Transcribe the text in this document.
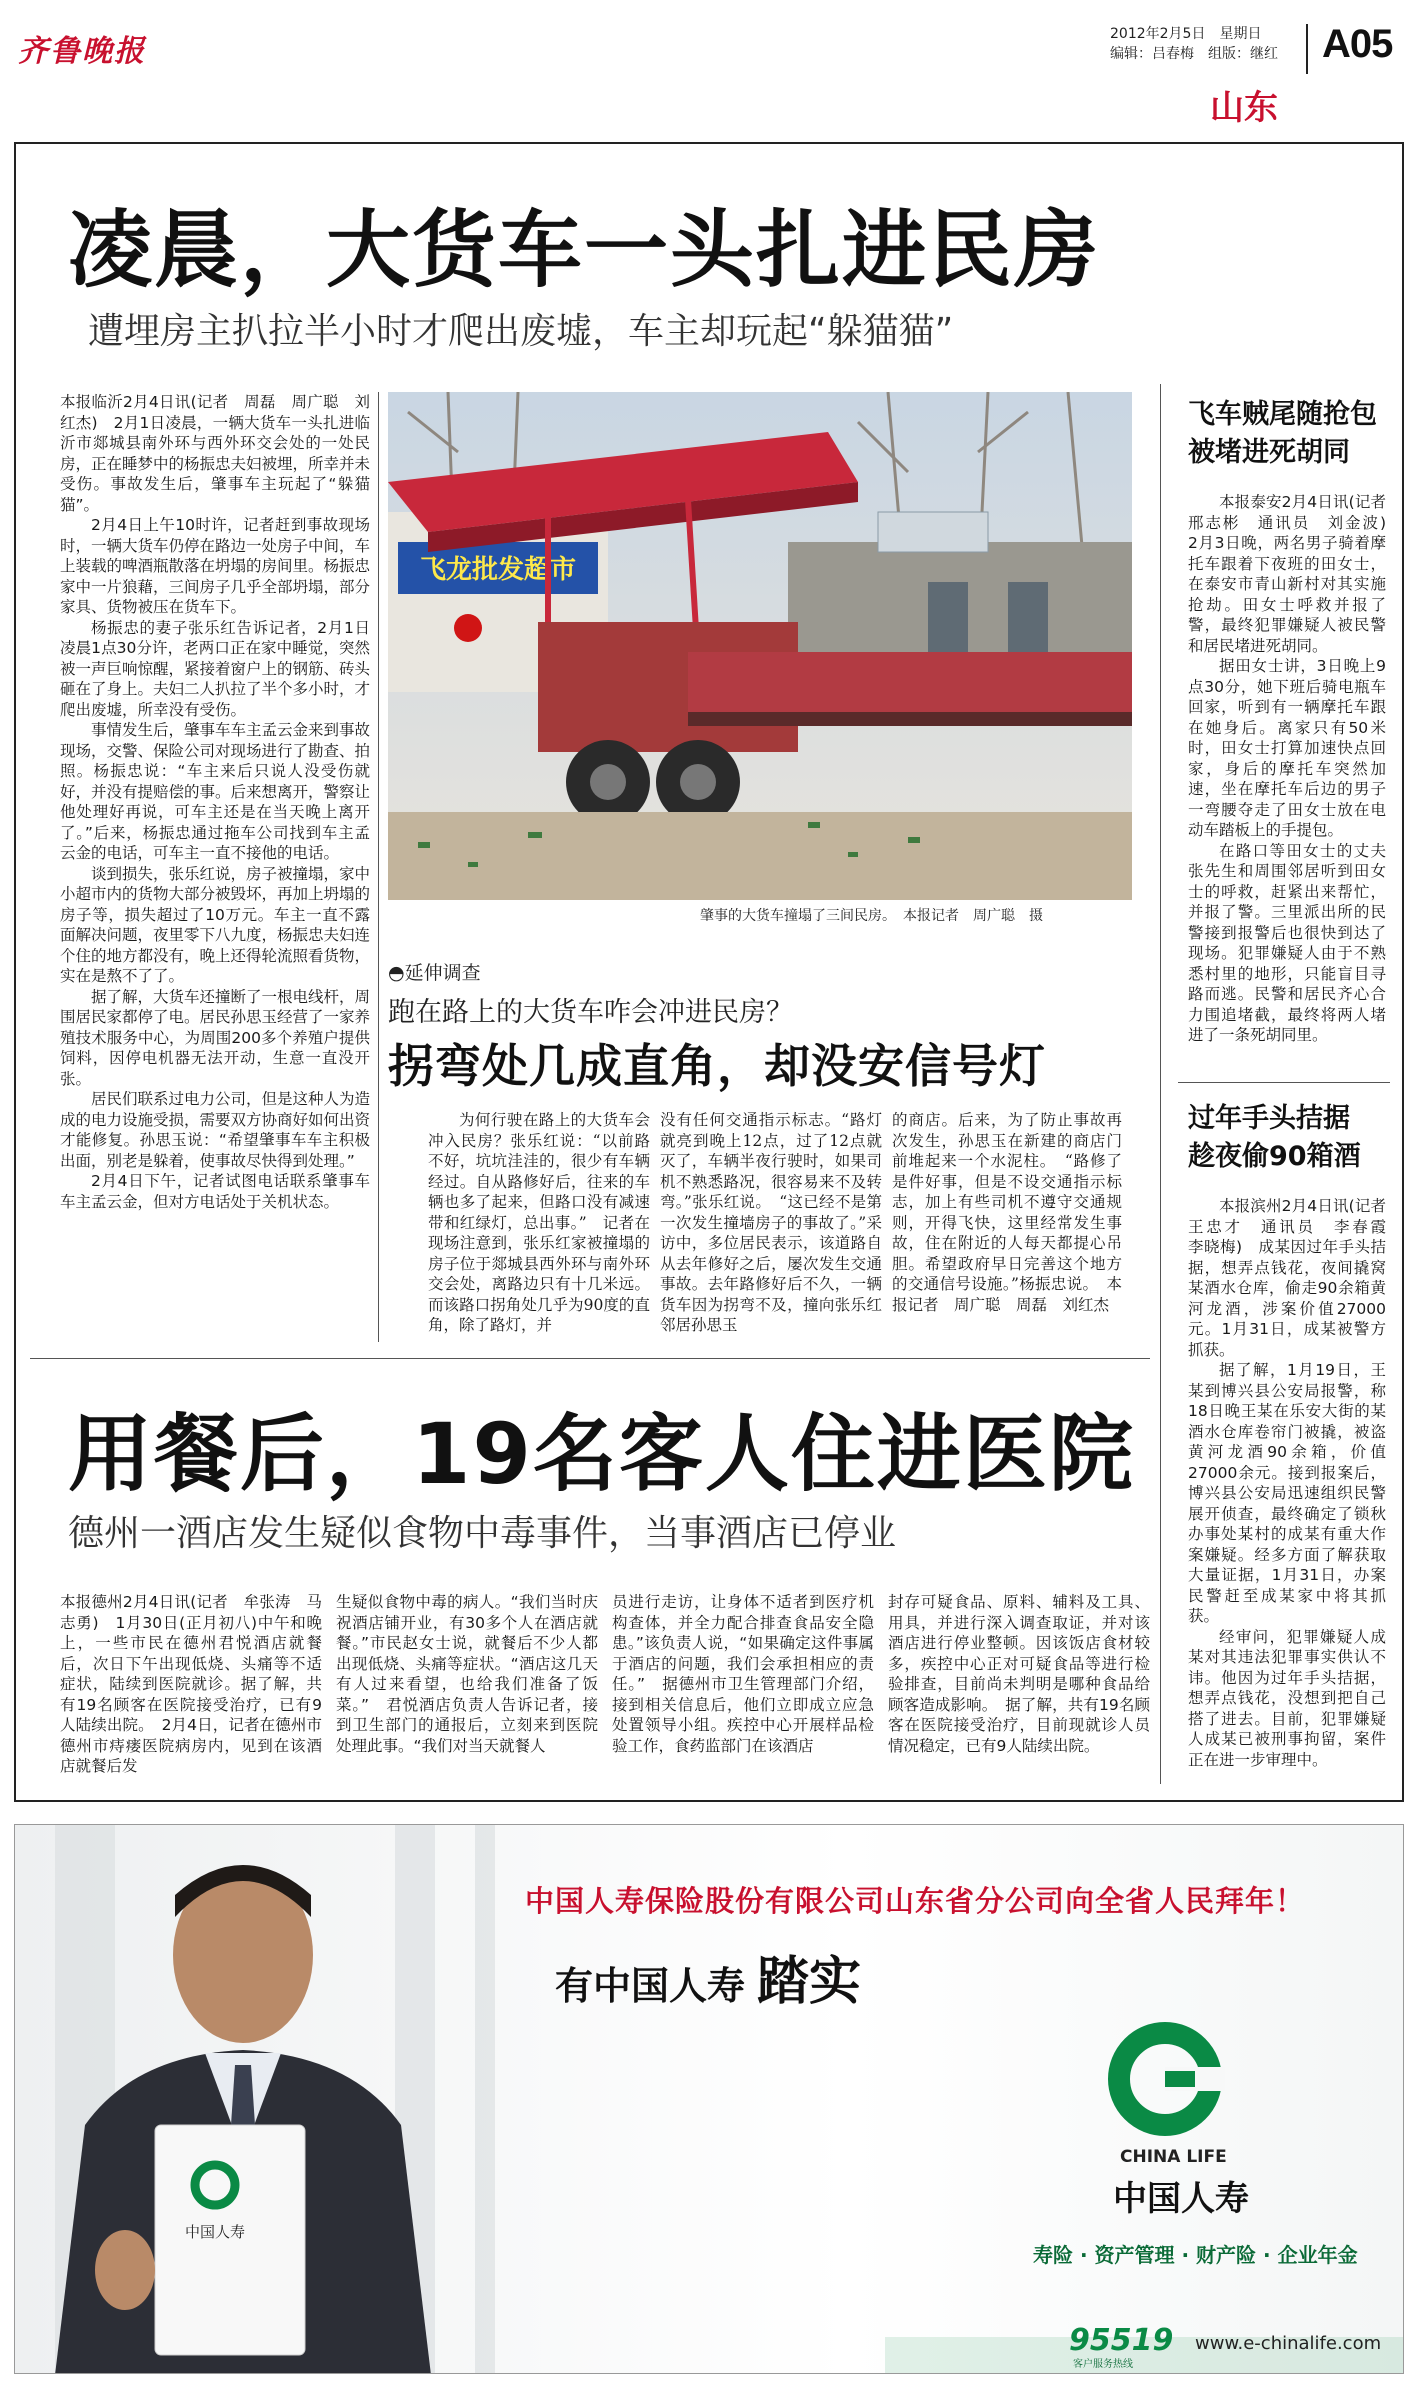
齐鲁晚报	2012年2月5日　星期日
编辑：吕春梅　组版：继红 A05
山东
凌晨，大货车一头扎进民房
遭埋房主扒拉半小时才爬出废墟，车主却玩起“躲猫猫”

本报临沂2月4日讯(记者　周磊　周广聪　刘红杰)　2月1日凌晨，一辆大货车一头扎进临沂市郯城县南外环与西外环交会处的一处民房，正在睡梦中的杨振忠夫妇被埋，所幸并未受伤。事故发生后，肇事车主玩起了“躲猫猫”。

2月4日上午10时许，记者赶到事故现场时，一辆大货车仍停在路边一处房子中间，车上装载的啤酒瓶散落在坍塌的房间里。杨振忠家中一片狼藉，三间房子几乎全部坍塌，部分家具、货物被压在货车下。

杨振忠的妻子张乐红告诉记者，2月1日凌晨1点30分许，老两口正在家中睡觉，突然被一声巨响惊醒，紧接着窗户上的钢筋、砖头砸在了身上。夫妇二人扒拉了半个多小时，才爬出废墟，所幸没有受伤。

事情发生后，肇事车车主孟云金来到事故现场，交警、保险公司对现场进行了勘查、拍照。杨振忠说：“车主来后只说人没受伤就好，并没有提赔偿的事。后来想离开，警察让他处理好再说，可车主还是在当天晚上离开了。”后来，杨振忠通过拖车公司找到车主孟云金的电话，可车主一直不接他的电话。

谈到损失，张乐红说，房子被撞塌，家中小超市内的货物大部分被毁坏，再加上坍塌的房子等，损失超过了10万元。车主一直不露面解决问题，夜里零下八九度，杨振忠夫妇连个住的地方都没有，晚上还得轮流照看货物，实在是熬不了了。

据了解，大货车还撞断了一根电线杆，周围居民家都停了电。居民孙思玉经营了一家养殖技术服务中心，为周围200多个养殖户提供饲料，因停电机器无法开动，生意一直没开张。

居民们联系过电力公司，但是这种人为造成的电力设施受损，需要双方协商好如何出资才能修复。孙思玉说：“希望肇事车车主积极出面，别老是躲着，使事故尽快得到处理。”

2月4日下午，记者试图电话联系肇事车车主孟云金，但对方电话处于关机状态。

飞龙批发超市
肇事的大货车撞塌了三间民房。　本报记者　周广聪　摄
◓延伸调查
跑在路上的大货车咋会冲进民房？
拐弯处几成直角，却没安信号灯

为何行驶在路上的大货车会冲入民房？张乐红说：“以前路不好，坑坑洼洼的，很少有车辆经过。自从路修好后，往来的车辆也多了起来，但路口没有减速带和红绿灯，总出事。”　记者在现场注意到，张乐红家被撞塌的房子位于郯城县西外环与南外环交会处，离路边只有十几米远。而该路口拐角处几乎为90度的直角，除了路灯，并

没有任何交通指示标志。“路灯就亮到晚上12点，过了12点就灭了，车辆半夜行驶时，如果司机不熟悉路况，很容易来不及转弯。”张乐红说。　“这已经不是第一次发生撞墙房子的事故了。”采访中，多位居民表示，该道路自从去年修好之后，屡次发生交通事故。去年路修好后不久，一辆货车因为拐弯不及，撞向张乐红邻居孙思玉

的商店。后来，为了防止事故再次发生，孙思玉在新建的商店门前堆起来一个水泥柱。　“路修了是件好事，但是不设交通指示标志，加上有些司机不遵守交通规则，开得飞快，这里经常发生事故，住在附近的人每天都提心吊胆。希望政府早日完善这个地方的交通信号设施。”杨振忠说。　本报记者　周广聪　周磊　刘红杰

飞车贼尾随抢包
被堵进死胡同

本报泰安2月4日讯(记者　邢志彬　通讯员　刘金波)　2月3日晚，两名男子骑着摩托车跟着下夜班的田女士，在泰安市青山新村对其实施抢劫。田女士呼救并报了警，最终犯罪嫌疑人被民警和居民堵进死胡同。

据田女士讲，3日晚上9点30分，她下班后骑电瓶车回家，听到有一辆摩托车跟在她身后。离家只有50米时，田女士打算加速快点回家，身后的摩托车突然加速，坐在摩托车后边的男子一弯腰夺走了田女士放在电动车踏板上的手提包。

在路口等田女士的丈夫张先生和周围邻居听到田女士的呼救，赶紧出来帮忙，并报了警。三里派出所的民警接到报警后也很快到达了现场。犯罪嫌疑人由于不熟悉村里的地形，只能盲目寻路而逃。民警和居民齐心合力围追堵截，最终将两人堵进了一条死胡同里。

过年手头拮据
趁夜偷90箱酒

本报滨州2月4日讯(记者　王忠才　通讯员　李春霞　李晓梅)　成某因过年手头拮据，想弄点钱花，夜间撬窝某酒水仓库，偷走90余箱黄河龙酒，涉案价值27000元。1月31日，成某被警方抓获。

据了解，1月19日，王某到博兴县公安局报警，称18日晚王某在乐安大街的某酒水仓库卷帘门被撬，被盗黄河龙酒90余箱，价值27000余元。接到报案后，博兴县公安局迅速组织民警展开侦查，最终确定了锁秋办事处某村的成某有重大作案嫌疑。经多方面了解获取大量证据，1月31日，办案民警赶至成某家中将其抓获。

经审问，犯罪嫌疑人成某对其违法犯罪事实供认不讳。他因为过年手头拮据，想弄点钱花，没想到把自己搭了进去。目前，犯罪嫌疑人成某已被刑事拘留，案件正在进一步审理中。

用餐后，19名客人住进医院
德州一酒店发生疑似食物中毒事件，当事酒店已停业

本报德州2月4日讯(记者　牟张涛　马志勇)　1月30日(正月初八)中午和晚上，一些市民在德州君悦酒店就餐后，次日下午出现低烧、头痛等不适症状，陆续到医院就诊。据了解，共有19名顾客在医院接受治疗，已有9人陆续出院。　2月4日，记者在德州市德州市痔瘘医院病房内，见到在该酒店就餐后发

生疑似食物中毒的病人。“我们当时庆祝酒店铺开业，有30多个人在酒店就餐。”市民赵女士说，就餐后不少人都出现低烧、头痛等症状。“酒店这几天有人过来看望，也给我们准备了饭菜。”　君悦酒店负责人告诉记者，接到卫生部门的通报后，立刻来到医院处理此事。“我们对当天就餐人

员进行走访，让身体不适者到医疗机构查体，并全力配合排查食品安全隐患。”该负责人说，“如果确定这件事属于酒店的问题，我们会承担相应的责任。”　据德州市卫生管理部门介绍，接到相关信息后，他们立即成立应急处置领导小组。疾控中心开展样品检验工作，食药监部门在该酒店

封存可疑食品、原料、辅料及工具、用具，并进行深入调查取证，并对该酒店进行停业整顿。因该饭店食材较多，疾控中心正对可疑食品等进行检验排查，目前尚未判明是哪种食品给顾客造成影响。　据了解，共有19名顾客在医院接受治疗，目前现就诊人员情况稳定，已有9人陆续出院。

中国人寿
中国人寿保险股份有限公司山东省分公司向全省人民拜年！
有中国人寿 踏实
CHINA LIFE
中国人寿
寿险 · 资产管理 · 财产险 · 企业年金
95519
客户服务热线
www.e-chinalife.com
